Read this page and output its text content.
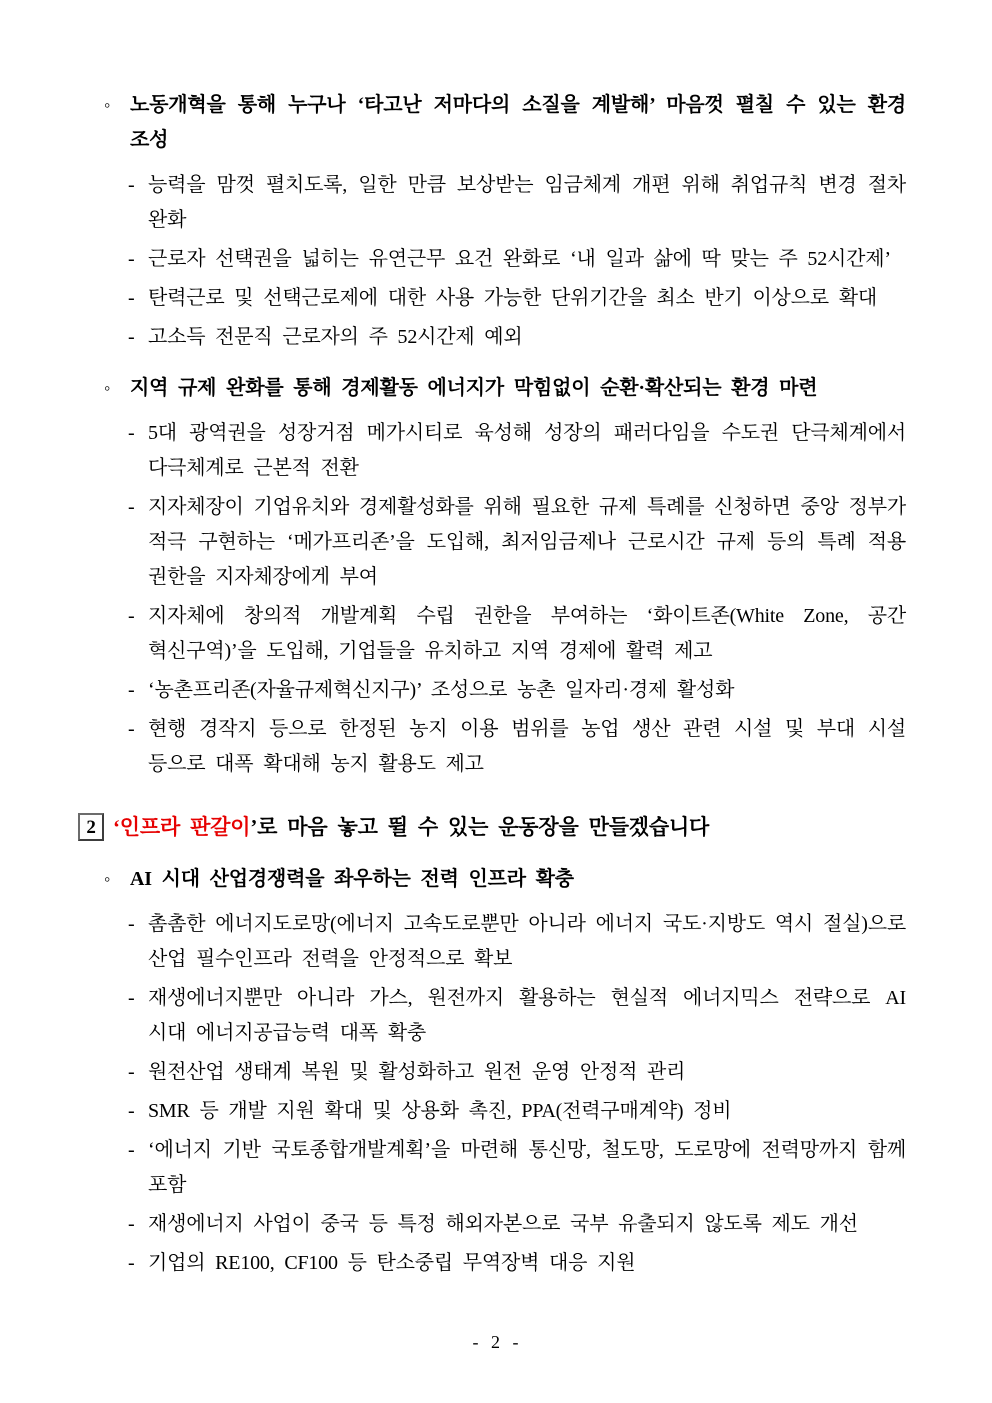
◦ 노동개혁을 통해 누구나 ‘타고난 저마다의 소질을 계발해’ 마음껏 펼칠 수 있는 환경 조성
- 능력을 맘껏 펼치도록, 일한 만큼 보상받는 임금체계 개편 위해 취업규칙 변경 절차 완화
- 근로자 선택권을 넓히는 유연근무 요건 완화로 ‘내 일과 삶에 딱 맞는 주 52시간제’
- 탄력근로 및 선택근로제에 대한 사용 가능한 단위기간을 최소 반기 이상으로 확대
- 고소득 전문직 근로자의 주 52시간제 예외
◦ 지역 규제 완화를 통해 경제활동 에너지가 막힘없이 순환·확산되는 환경 마련
- 5대 광역권을 성장거점 메가시티로 육성해 성장의 패러다임을 수도권 단극체계에서 다극체계로 근본적 전환
- 지자체장이 기업유치와 경제활성화를 위해 필요한 규제 특례를 신청하면 중앙 정부가 적극 구현하는 ‘메가프리존’을 도입해, 최저임금제나 근로시간 규제 등의 특례 적용 권한을 지자체장에게 부여
- 지자체에 창의적 개발계획 수립 권한을 부여하는 ‘화이트존(White Zone, 공간 혁신구역)’을 도입해, 기업들을 유치하고 지역 경제에 활력 제고
- ‘농촌프리존(자율규제혁신지구)’ 조성으로 농촌 일자리·경제 활성화
- 현행 경작지 등으로 한정된 농지 이용 범위를 농업 생산 관련 시설 및 부대 시설 등으로 대폭 확대해 농지 활용도 제고
2 ‘인프라 판갈이’로 마음 놓고 뛸 수 있는 운동장을 만들겠습니다
◦ AI 시대 산업경쟁력을 좌우하는 전력 인프라 확충
- 촘촘한 에너지도로망(에너지 고속도로뿐만 아니라 에너지 국도·지방도 역시 절실)으로 산업 필수인프라 전력을 안정적으로 확보
- 재생에너지뿐만 아니라 가스, 원전까지 활용하는 현실적 에너지믹스 전략으로 AI 시대 에너지공급능력 대폭 확충
- 원전산업 생태계 복원 및 활성화하고 원전 운영 안정적 관리
- SMR 등 개발 지원 확대 및 상용화 촉진, PPA(전력구매계약) 정비
- ‘에너지 기반 국토종합개발계획’을 마련해 통신망, 철도망, 도로망에 전력망까지 함께 포함
- 재생에너지 사업이 중국 등 특정 해외자본으로 국부 유출되지 않도록 제도 개선
- 기업의 RE100, CF100 등 탄소중립 무역장벽 대응 지원
- 2 -
